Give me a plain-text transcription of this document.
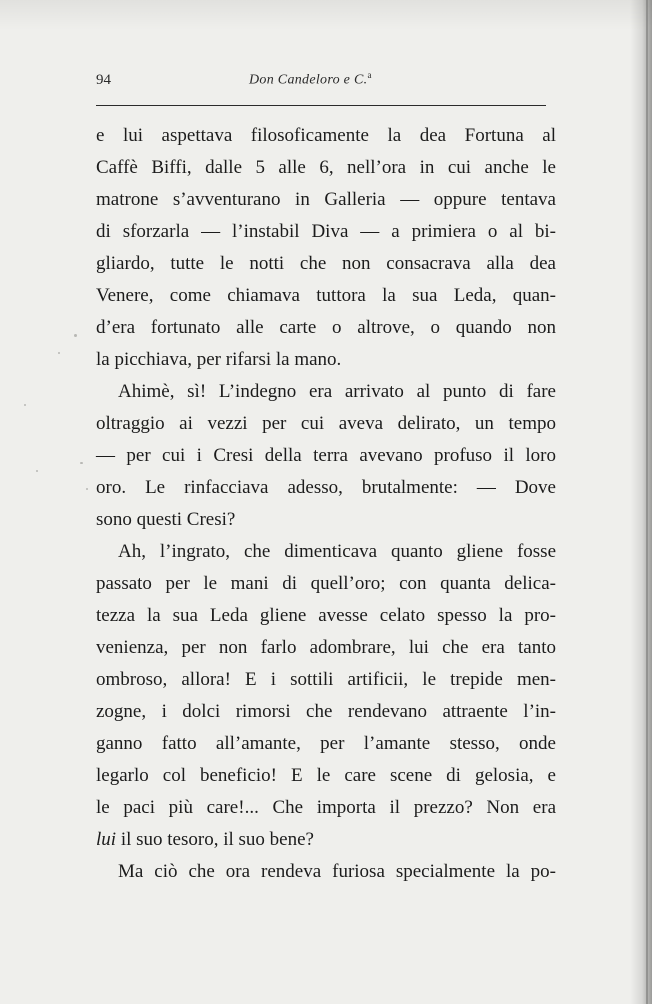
94	Don Candeloro e C.$^a$
e lui aspettava filosoficamente la dea Fortuna al
Caffè Biffi, dalle 5 alle 6, nell’ora in cui anche le
matrone s’avventurano in Galleria — oppure tentava
di sforzarla — l’instabil Diva — a primiera o al bi-
gliardo, tutte le notti che non consacrava alla dea
Venere, come chiamava tuttora la sua Leda, quan-
d’era fortunato alle carte o altrove, o quando non
la picchiava, per rifarsi la mano.
Ahimè, sì! L’indegno era arrivato al punto di fare
oltraggio ai vezzi per cui aveva delirato, un tempo
— per cui i Cresi della terra avevano profuso il loro
oro. Le rinfacciava adesso, brutalmente: — Dove
sono questi Cresi?
Ah, l’ingrato, che dimenticava quanto gliene fosse
passato per le mani di quell’oro; con quanta delica-
tezza la sua Leda gliene avesse celato spesso la pro-
venienza, per non farlo adombrare, lui che era tanto
ombroso, allora! E i sottili artificii, le trepide men-
zogne, i dolci rimorsi che rendevano attraente l’in-
ganno fatto all’amante, per l’amante stesso, onde
legarlo col beneficio! E le care scene di gelosia, e
le paci più care!... Che importa il prezzo? Non era
lui il suo tesoro, il suo bene?
Ma ciò che ora rendeva furiosa specialmente la po-
